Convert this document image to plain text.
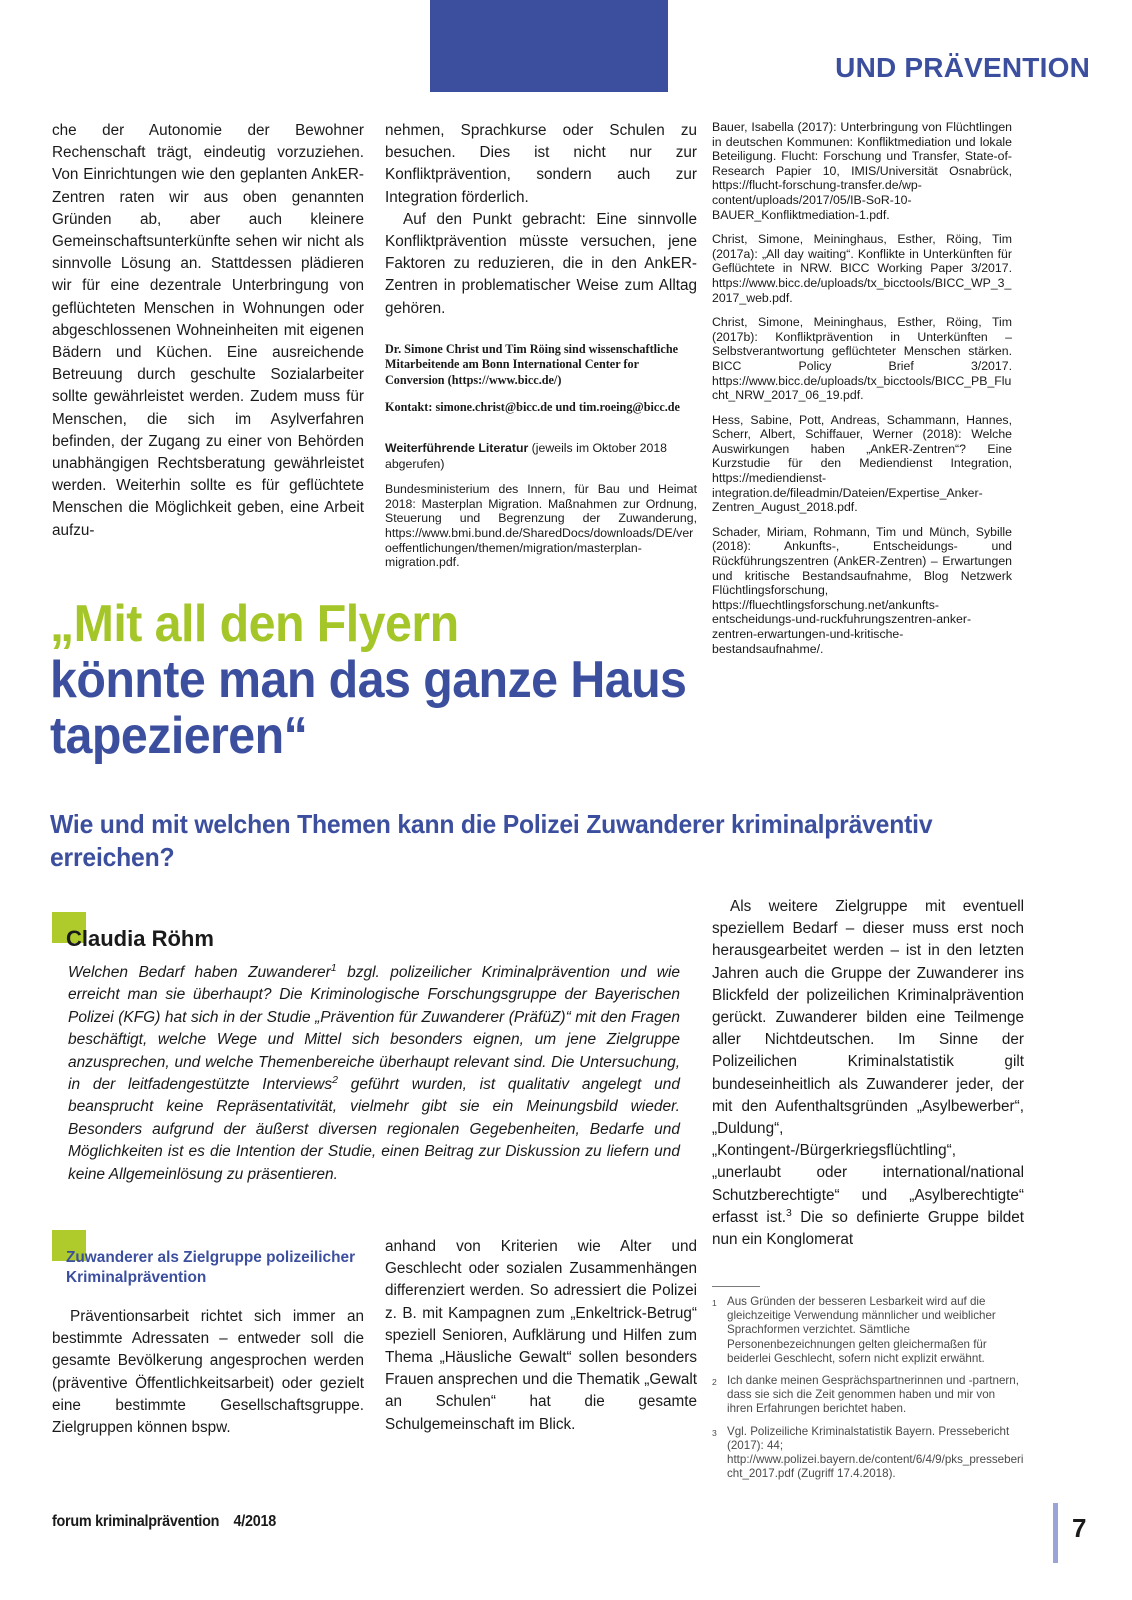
MIGRATION UND PRÄVENTION

che der Autonomie der Bewohner Rechenschaft trägt, eindeutig vorzuziehen. Von Einrichtungen wie den geplanten AnkER-Zentren raten wir aus oben genannten Gründen ab, aber auch kleinere Gemeinschaftsunterkünfte sehen wir nicht als sinnvolle Lösung an. Stattdessen plädieren wir für eine dezentrale Unterbringung von geflüchteten Menschen in Wohnungen oder abgeschlossenen Wohneinheiten mit eigenen Bädern und Küchen. Eine ausreichende Betreuung durch geschulte Sozialarbeiter sollte gewährleistet werden. Zudem muss für Menschen, die sich im Asylverfahren befinden, der Zugang zu einer von Behörden unabhängigen Rechtsberatung gewährleistet werden. Weiterhin sollte es für geflüchtete Menschen die Möglichkeit geben, eine Arbeit aufzu-

nehmen, Sprachkurse oder Schulen zu besuchen. Dies ist nicht nur zur Konfliktprävention, sondern auch zur Integration förderlich.

Auf den Punkt gebracht: Eine sinnvolle Konfliktprävention müsste versuchen, jene Faktoren zu reduzieren, die in den AnkER-Zentren in problematischer Weise zum Alltag gehören.

Dr. Simone Christ und Tim Röing sind wissenschaftliche Mitarbeitende am Bonn International Center for Conversion (https://www.bicc.de/)

Kontakt: simone.christ@bicc.de und tim.roeing@bicc.de

Weiterführende Literatur (jeweils im Oktober 2018 abgerufen)

Bundesministerium des Innern, für Bau und Heimat 2018: Masterplan Migration. Maßnahmen zur Ordnung, Steuerung und Begrenzung der Zuwanderung, https://www.bmi.bund.de/SharedDocs/downloads/DE/veroeffentlichungen/themen/migration/masterplan-migration.pdf.

Bauer, Isabella (2017): Unterbringung von Flüchtlingen in deutschen Kommunen: Konfliktmediation und lokale Beteiligung. Flucht: Forschung und Transfer, State-of-Research Papier 10, IMIS/Universität Osnabrück, https://flucht-forschung-transfer.de/wp-content/uploads/2017/05/IB-SoR-10-BAUER_Konfliktmediation-1.pdf.

Christ, Simone, Meininghaus, Esther, Röing, Tim (2017a): „All day waiting“. Konflikte in Unterkünften für Geflüchtete in NRW. BICC Working Paper 3/2017. https://www.bicc.de/uploads/tx_bicctools/BICC_WP_3_2017_web.pdf.

Christ, Simone, Meininghaus, Esther, Röing, Tim (2017b): Konfliktprävention in Unterkünften – Selbstverantwortung geflüchteter Menschen stärken. BICC Policy Brief 3/2017. https://www.bicc.de/uploads/tx_bicctools/BICC_PB_Flucht_NRW_2017_06_19.pdf.

Hess, Sabine, Pott, Andreas, Schammann, Hannes, Scherr, Albert, Schiffauer, Werner (2018): Welche Auswirkungen haben „AnkER-Zentren“? Eine Kurzstudie für den Mediendienst Integration, https://mediendienst-integration.de/fileadmin/Dateien/Expertise_Anker-Zentren_August_2018.pdf.

Schader, Miriam, Rohmann, Tim und Münch, Sybille (2018): Ankunfts-, Entscheidungs- und Rückführungszentren (AnkER-Zentren) – Erwartungen und kritische Bestandsaufnahme, Blog Netzwerk Flüchtlingsforschung, https://fluechtlingsforschung.net/ankunfts-entscheidungs-und-ruckfuhrungszentren-anker-zentren-erwartungen-und-kritische-bestandsaufnahme/.

„Mit all den Flyern
könnte man das ganze Haus
tapezieren“
Wie und mit welchen Themen kann die Polizei Zuwanderer kriminalpräventiv erreichen?
Claudia Röhm

Welchen Bedarf haben Zuwanderer$^1$ bzgl. polizeilicher Kriminalprävention und wie erreicht man sie überhaupt? Die Kriminologische Forschungsgruppe der Bayerischen Polizei (KFG) hat sich in der Studie „Prävention für Zuwanderer (PräfüZ)“ mit den Fragen beschäftigt, welche Wege und Mittel sich besonders eignen, um jene Zielgruppe anzusprechen, und welche Themenbereiche überhaupt relevant sind. Die Untersuchung, in der leitfadengestützte Interviews$^2$ geführt wurden, ist qualitativ angelegt und beansprucht keine Repräsentativität, vielmehr gibt sie ein Meinungsbild wieder. Besonders aufgrund der äußerst diversen regionalen Gegebenheiten, Bedarfe und Möglichkeiten ist es die Intention der Studie, einen Beitrag zur Diskussion zu liefern und keine Allgemeinlösung zu präsentieren.

Zuwanderer als Zielgruppe polizeilicher Kriminalprävention

Präventionsarbeit richtet sich immer an bestimmte Adressaten – entweder soll die gesamte Bevölkerung angesprochen werden (präventive Öffentlichkeitsarbeit) oder gezielt eine bestimmte Gesellschaftsgruppe. Zielgruppen können bspw.

anhand von Kriterien wie Alter und Geschlecht oder sozialen Zusammenhängen differenziert werden. So adressiert die Polizei z. B. mit Kampagnen zum „Enkeltrick-Betrug“ speziell Senioren, Aufklärung und Hilfen zum Thema „Häusliche Gewalt“ sollen besonders Frauen ansprechen und die Thematik „Gewalt an Schulen“ hat die gesamte Schulgemeinschaft im Blick.

Als weitere Zielgruppe mit eventuell speziellem Bedarf – dieser muss erst noch herausgearbeitet werden – ist in den letzten Jahren auch die Gruppe der Zuwanderer ins Blickfeld der polizeilichen Kriminalprävention gerückt. Zuwanderer bilden eine Teilmenge aller Nichtdeutschen. Im Sinne der Polizeilichen Kriminalstatistik gilt bundeseinheitlich als Zuwanderer jeder, der mit den Aufenthaltsgründen „Asylbewerber“, „Duldung“, „Kontingent-/Bürgerkriegsflüchtling“, „unerlaubt oder international/national Schutzberechtigte“ und „Asylberechtigte“ erfasst ist.$^3$ Die so definierte Gruppe bildet nun ein Konglomerat

1 Aus Gründen der besseren Lesbarkeit wird auf die gleichzeitige Verwendung männlicher und weiblicher Sprachformen verzichtet. Sämtliche Personenbezeichnungen gelten gleichermaßen für beiderlei Geschlecht, sofern nicht explizit erwähnt.
2 Ich danke meinen Gesprächspartnerinnen und -partnern, dass sie sich die Zeit genommen haben und mir von ihren Erfahrungen berichtet haben.
3 Vgl. Polizeiliche Kriminalstatistik Bayern. Pressebericht (2017): 44; http://www.polizei.bayern.de/content/6/4/9/pks_pressebericht_2017.pdf (Zugriff 17.4.2018).
forum kriminalprävention 4/2018	7
